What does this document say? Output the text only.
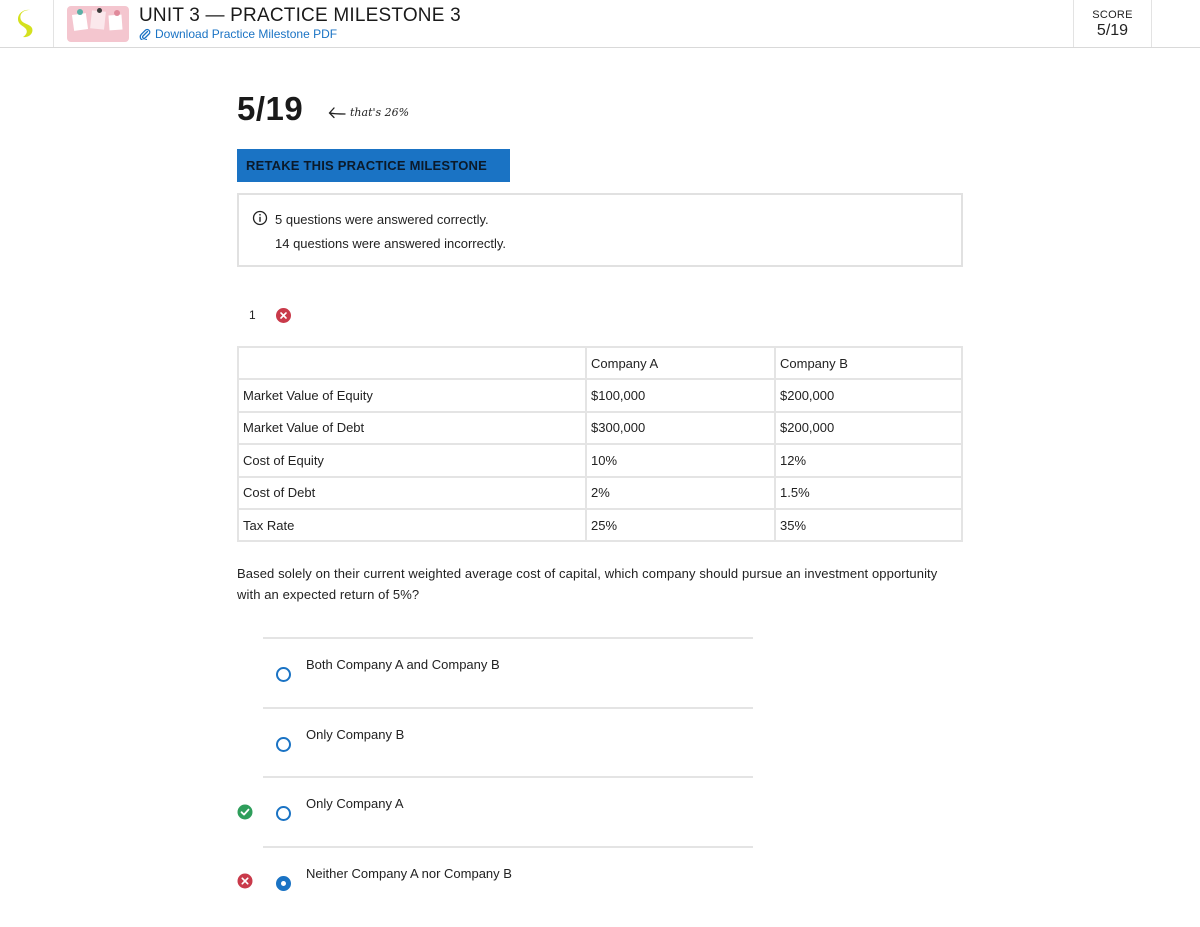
UNIT 3 — PRACTICE MILESTONE 3
Download Practice Milestone PDF
SCORE
5/19
5/19	that's 26%
RETAKE THIS PRACTICE MILESTONE
5 questions were answered correctly.
14 questions were answered incorrectly.
1
	Company A	Company B
Market Value of Equity	$100,000	$200,000
Market Value of Debt	$300,000	$200,000
Cost of Equity	10%	12%
Cost of Debt	2%	1.5%
Tax Rate	25%	35%
Based solely on their current weighted average cost of capital, which company should pursue an investment opportunity with an expected return of 5%?
Both Company A and Company B
Only Company B
Only Company A
Neither Company A nor Company B
